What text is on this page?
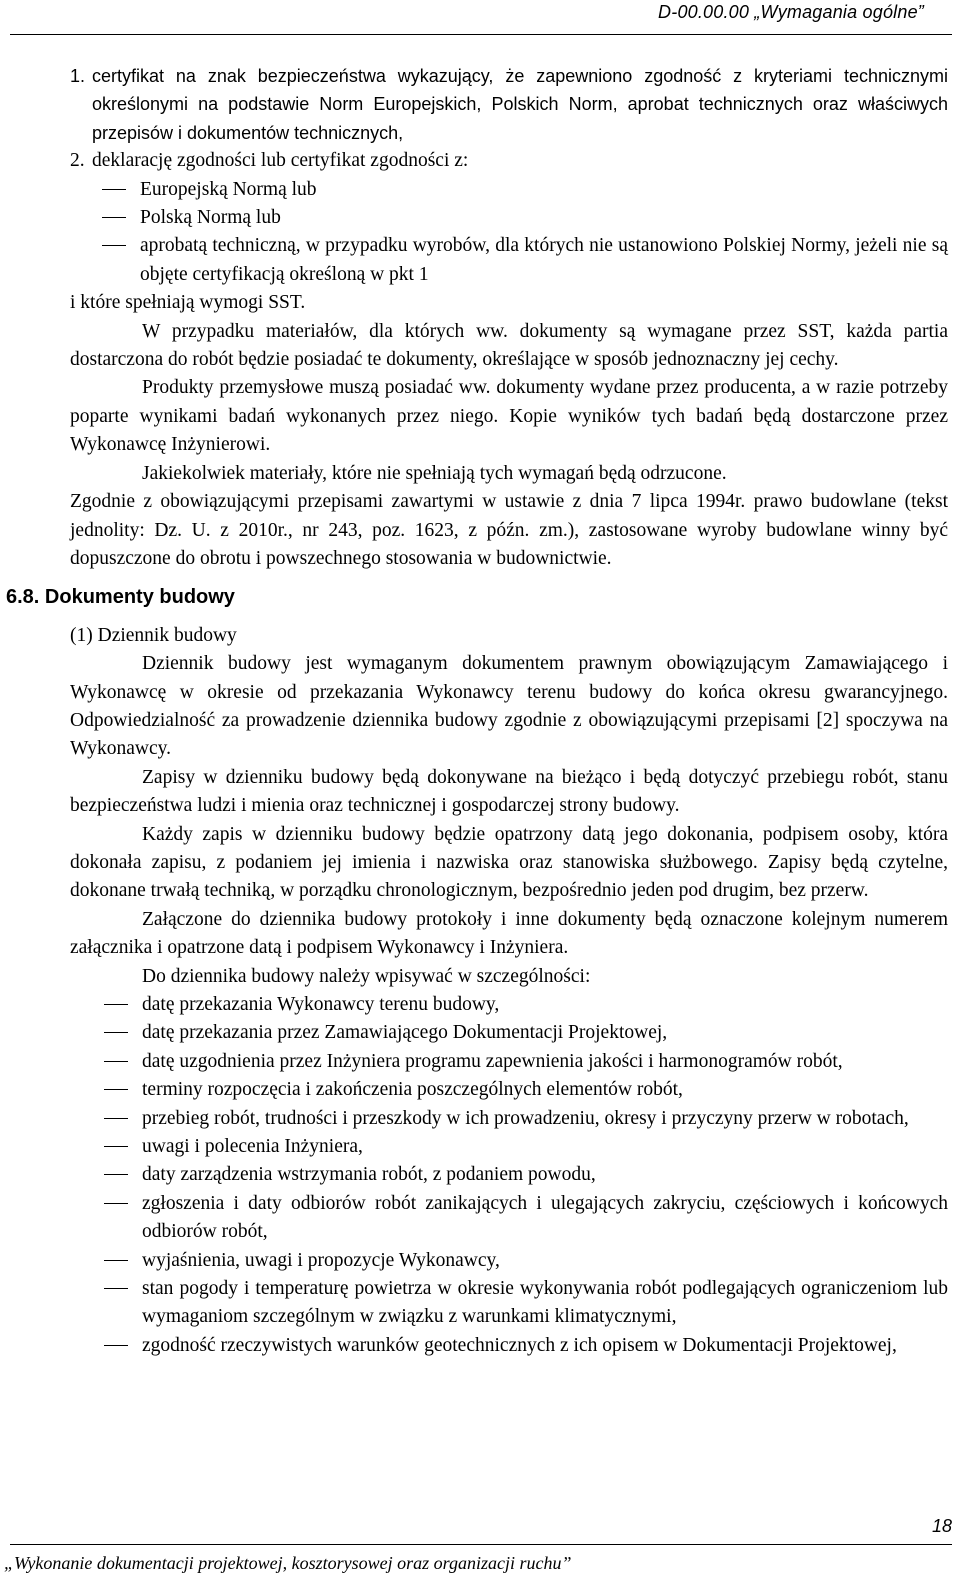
D-00.00.00 „Wymagania ogólne”
1. certyfikat na znak bezpieczeństwa wykazujący, że zapewniono zgodność z kryteriami technicznymi określonymi na podstawie Norm Europejskich, Polskich Norm, aprobat technicznych oraz właściwych przepisów i dokumentów technicznych,
2. deklarację zgodności lub certyfikat zgodności z:
Europejską Normą lub
Polską Normą lub
aprobatą techniczną, w przypadku wyrobów, dla których nie ustanowiono Polskiej Normy, jeżeli nie są objęte certyfikacją określoną w pkt 1
i które spełniają wymogi SST.
W przypadku materiałów, dla których ww. dokumenty są wymagane przez SST, każda partia dostarczona do robót będzie posiadać te dokumenty, określające w sposób jednoznaczny jej cechy.
Produkty przemysłowe muszą posiadać ww. dokumenty wydane przez producenta, a w razie potrzeby poparte wynikami badań wykonanych przez niego. Kopie wyników tych badań będą dostarczone przez Wykonawcę Inżynierowi.
Jakiekolwiek materiały, które nie spełniają tych wymagań będą odrzucone.
Zgodnie z obowiązującymi przepisami zawartymi w ustawie z dnia 7 lipca 1994r. prawo budowlane (tekst jednolity: Dz. U. z 2010r., nr 243, poz. 1623, z późn. zm.), zastosowane wyroby budowlane winny być dopuszczone do obrotu i powszechnego stosowania w budownictwie.
6.8. Dokumenty budowy
(1) Dziennik budowy
Dziennik budowy jest wymaganym dokumentem prawnym obowiązującym Zamawiającego i Wykonawcę w okresie od przekazania Wykonawcy terenu budowy do końca okresu gwarancyjnego. Odpowiedzialność za prowadzenie dziennika budowy zgodnie z obowiązującymi przepisami [2] spoczywa na Wykonawcy.
Zapisy w dzienniku budowy będą dokonywane na bieżąco i będą dotyczyć przebiegu robót, stanu bezpieczeństwa ludzi i mienia oraz technicznej i gospodarczej strony budowy.
Każdy zapis w dzienniku budowy będzie opatrzony datą jego dokonania, podpisem osoby, która dokonała zapisu, z podaniem jej imienia i nazwiska oraz stanowiska służbowego. Zapisy będą czytelne, dokonane trwałą techniką, w porządku chronologicznym, bezpośrednio jeden pod drugim, bez przerw.
Załączone do dziennika budowy protokoły i inne dokumenty będą oznaczone kolejnym numerem załącznika i opatrzone datą i podpisem Wykonawcy i Inżyniera.
Do dziennika budowy należy wpisywać w szczególności:
datę przekazania Wykonawcy terenu budowy,
datę przekazania przez Zamawiającego Dokumentacji Projektowej,
datę uzgodnienia przez Inżyniera programu zapewnienia jakości i harmonogramów robót,
terminy rozpoczęcia i zakończenia poszczególnych elementów robót,
przebieg robót, trudności i przeszkody w ich prowadzeniu, okresy i przyczyny przerw w robotach,
uwagi i polecenia Inżyniera,
daty zarządzenia wstrzymania robót, z podaniem powodu,
zgłoszenia i daty odbiorów robót zanikających i ulegających zakryciu, częściowych i końcowych odbiorów robót,
wyjaśnienia, uwagi i propozycje Wykonawcy,
stan pogody i temperaturę powietrza w okresie wykonywania robót podlegających ograniczeniom lub wymaganiom szczególnym w związku z warunkami klimatycznymi,
zgodność rzeczywistych warunków geotechnicznych z ich opisem w Dokumentacji Projektowej,
18
„Wykonanie dokumentacji projektowej, kosztorysowej oraz organizacji ruchu”
